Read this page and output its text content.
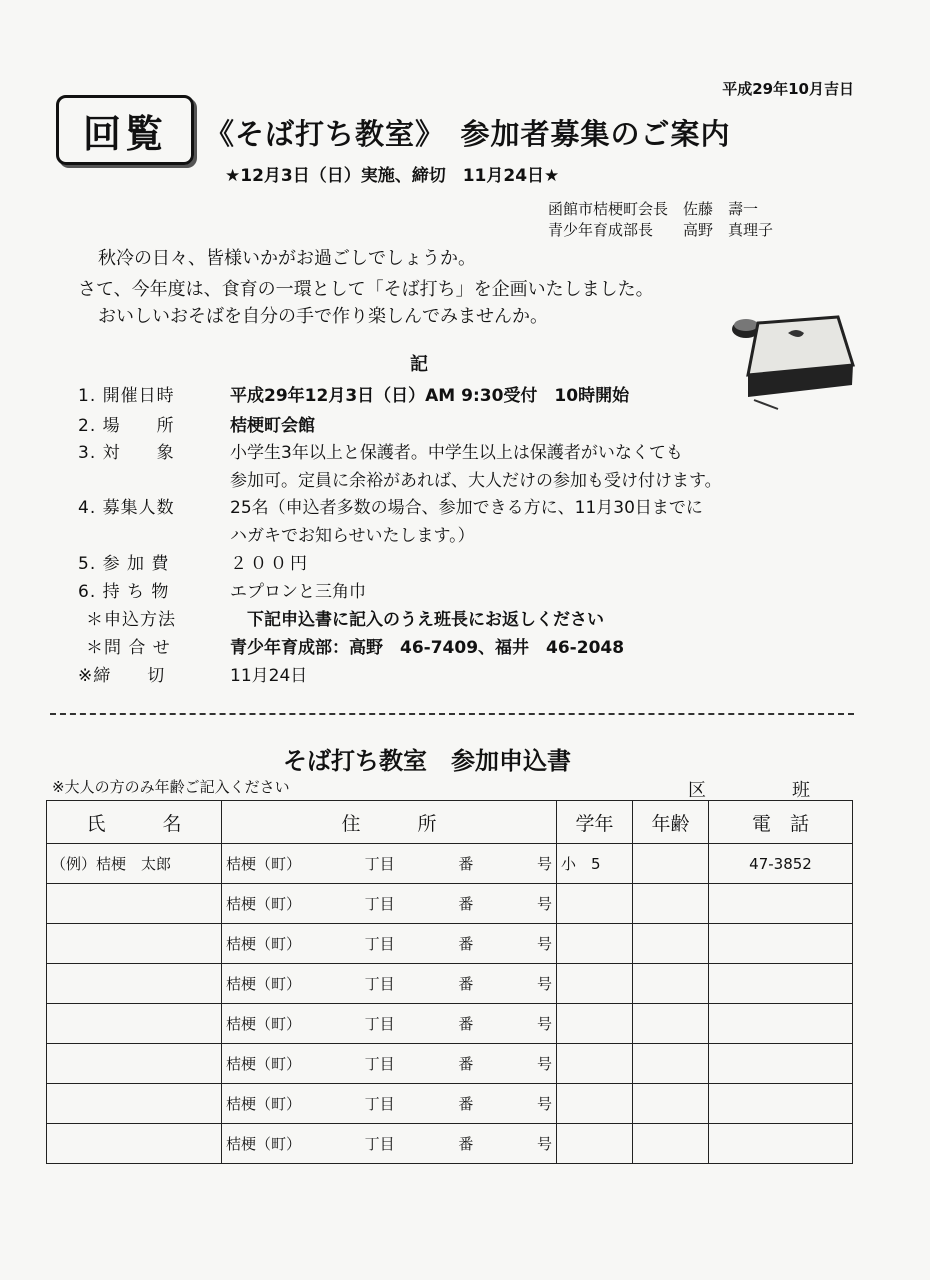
平成29年10月吉日
回覧	《そば打ち教室》　参加者募集のご案内
★12月3日（日）実施、締切　11月24日★
函館市桔梗町会長　佐藤　壽一
青少年育成部長　　高野　真理子
秋冷の日々、皆様いかがお過ごしでしょうか。
さて、今年度は、食育の一環として「そば打ち」を企画いたしました。
おいしいおそばを自分の手で作り楽しんでみませんか。
記
1. 開催日時	平成29年12月3日（日）AM 9:30受付　10時開始
2. 場　　所	桔梗町会館
3. 対　　象	小学生3年以上と保護者。中学生以上は保護者がいなくても
参加可。定員に余裕があれば、大人だけの参加も受け付けます。
4. 募集人数	25名（申込者多数の場合、参加できる方に、11月30日までに
ハガキでお知らせいたします。）
5. 参 加 費	２００円
6. 持 ち 物	エプロンと三角巾
＊申込方法	　下記申込書に記入のうえ班長にお返しください
＊問 合 せ	青少年育成部：高野　46-7409、福井　46-2048
※締　　切	11月24日
そば打ち教室　参加申込書
※大人の方のみ年齢ご記入ください	区	班
氏　　　名	住　　　所	学年	年齢	電　話
（例）桔梗　太郎	桔梗（町） 丁目 番 号	小　5		47-3852

	桔梗（町） 丁目 番 号			

	桔梗（町） 丁目 番 号			

	桔梗（町） 丁目 番 号			

	桔梗（町） 丁目 番 号			

	桔梗（町） 丁目 番 号			

	桔梗（町） 丁目 番 号			

	桔梗（町） 丁目 番 号			
